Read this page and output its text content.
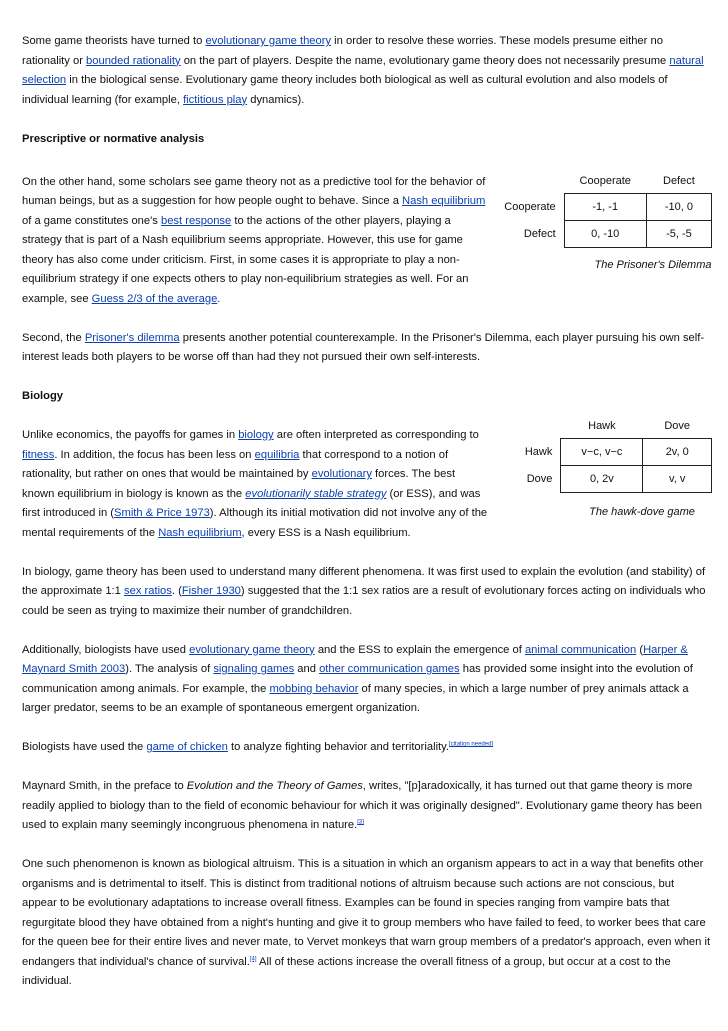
Some game theorists have turned to evolutionary game theory in order to resolve these worries. These models presume either no rationality or bounded rationality on the part of players. Despite the name, evolutionary game theory does not necessarily presume natural selection in the biological sense. Evolutionary game theory includes both biological as well as cultural evolution and also models of individual learning (for example, fictitious play dynamics).

Prescriptive or normative analysis
	Cooperate	Defect
Cooperate	-1, -1	-10, 0
Defect	0, -10	-5, -5
The Prisoner's Dilemma

On the other hand, some scholars see game theory not as a predictive tool for the behavior of human beings, but as a suggestion for how people ought to behave. Since a Nash equilibrium of a game constitutes one's best response to the actions of the other players, playing a strategy that is part of a Nash equilibrium seems appropriate. However, this use for game theory has also come under criticism. First, in some cases it is appropriate to play a non-equilibrium strategy if one expects others to play non-equilibrium strategies as well. For an example, see Guess 2/3 of the average.

Second, the Prisoner's dilemma presents another potential counterexample. In the Prisoner's Dilemma, each player pursuing his own self-interest leads both players to be worse off than had they not pursued their own self-interests.

Biology
	Hawk	Dove
Hawk	v−c, v−c	2v, 0
Dove	0, 2v	v, v
The hawk-dove game

Unlike economics, the payoffs for games in biology are often interpreted as corresponding to fitness. In addition, the focus has been less on equilibria that correspond to a notion of rationality, but rather on ones that would be maintained by evolutionary forces. The best known equilibrium in biology is known as the evolutionarily stable strategy (or ESS), and was first introduced in (Smith & Price 1973). Although its initial motivation did not involve any of the mental requirements of the Nash equilibrium, every ESS is a Nash equilibrium.

In biology, game theory has been used to understand many different phenomena. It was first used to explain the evolution (and stability) of the approximate 1:1 sex ratios. (Fisher 1930) suggested that the 1:1 sex ratios are a result of evolutionary forces acting on individuals who could be seen as trying to maximize their number of grandchildren.

Additionally, biologists have used evolutionary game theory and the ESS to explain the emergence of animal communication (Harper & Maynard Smith 2003). The analysis of signaling games and other communication games has provided some insight into the evolution of communication among animals. For example, the mobbing behavior of many species, in which a large number of prey animals attack a larger predator, seems to be an example of spontaneous emergent organization.

Biologists have used the game of chicken to analyze fighting behavior and territoriality.[citation needed]

Maynard Smith, in the preface to Evolution and the Theory of Games, writes, "[p]aradoxically, it has turned out that game theory is more readily applied to biology than to the field of economic behaviour for which it was originally designed". Evolutionary game theory has been used to explain many seemingly incongruous phenomena in nature.[3]

One such phenomenon is known as biological altruism. This is a situation in which an organism appears to act in a way that benefits other organisms and is detrimental to itself. This is distinct from traditional notions of altruism because such actions are not conscious, but appear to be evolutionary adaptations to increase overall fitness. Examples can be found in species ranging from vampire bats that regurgitate blood they have obtained from a night's hunting and give it to group members who have failed to feed, to worker bees that care for the queen bee for their entire lives and never mate, to Vervet monkeys that warn group members of a predator's approach, even when it endangers that individual's chance of survival.[4] All of these actions increase the overall fitness of a group, but occur at a cost to the individual.
